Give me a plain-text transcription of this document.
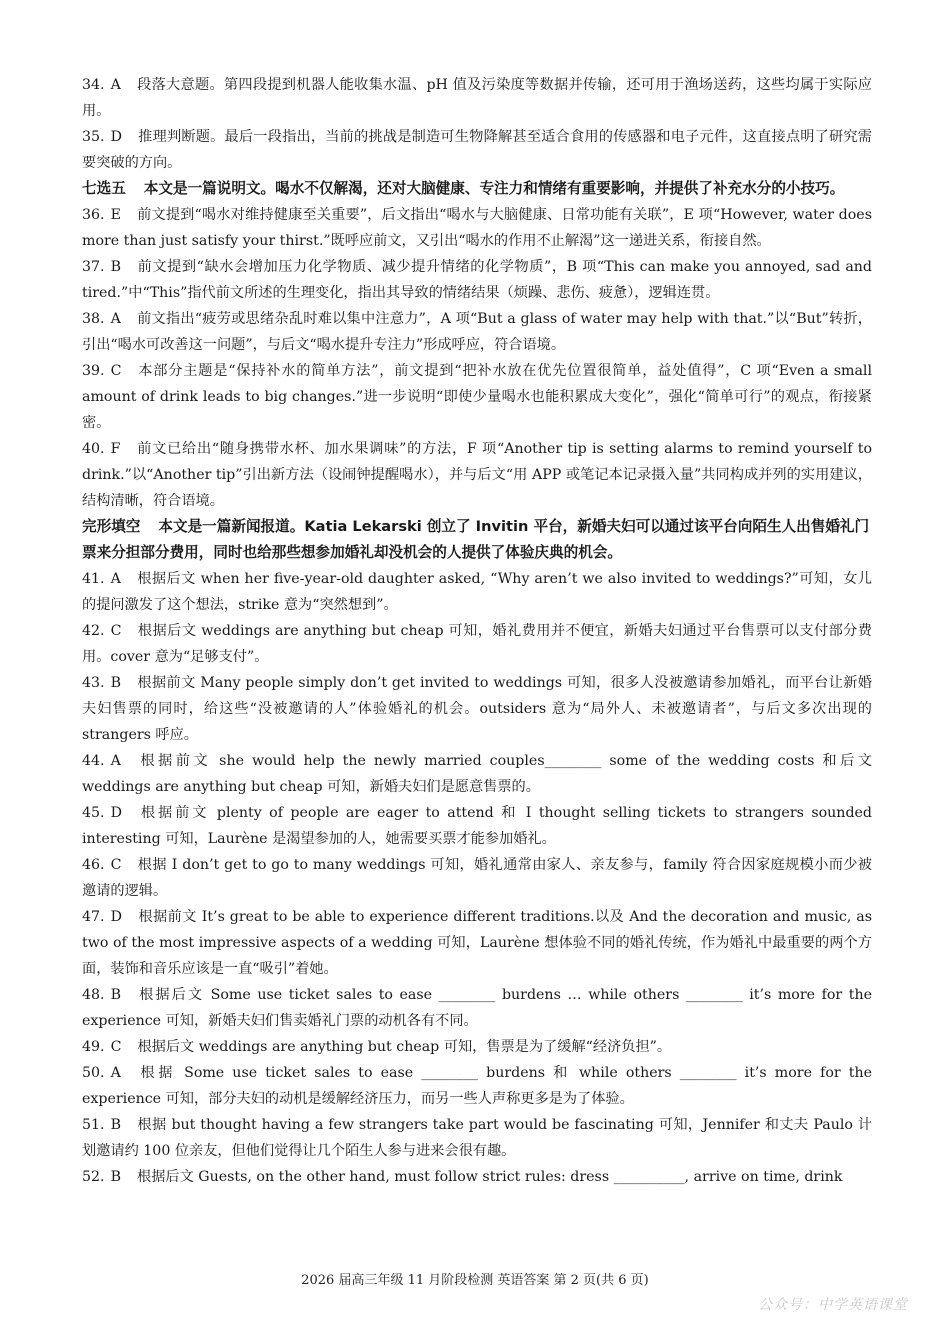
34. A 段落大意题。第四段提到机器人能收集水温、pH 值及污染度等数据并传输，还可用于渔场送药，这些均属于实际应用。

35. D 推理判断题。最后一段指出，当前的挑战是制造可生物降解甚至适合食用的传感器和电子元件，这直接点明了研究需要突破的方向。

七选五 本文是一篇说明文。喝水不仅解渴，还对大脑健康、专注力和情绪有重要影响，并提供了补充水分的小技巧。

36. E 前文提到“喝水对维持健康至关重要”，后文指出“喝水与大脑健康、日常功能有关联”，E 项“However, water does more than just satisfy your thirst.”既呼应前文，又引出“喝水的作用不止解渴”这一递进关系，衔接自然。

37. B 前文提到“缺水会增加压力化学物质、减少提升情绪的化学物质”，B 项“This can make you annoyed, sad and tired.”中“This”指代前文所述的生理变化，指出其导致的情绪结果（烦躁、悲伤、疲惫），逻辑连贯。

38. A 前文指出“疲劳或思绪杂乱时难以集中注意力”，A 项“But a glass of water may help with that.”以“But”转折，引出“喝水可改善这一问题”，与后文“喝水提升专注力”形成呼应，符合语境。

39. C 本部分主题是“保持补水的简单方法”，前文提到“把补水放在优先位置很简单，益处值得”，C 项“Even a small amount of drink leads to big changes.”进一步说明“即使少量喝水也能积累成大变化”，强化“简单可行”的观点，衔接紧密。

40. F 前文已给出“随身携带水杯、加水果调味”的方法，F 项“Another tip is setting alarms to remind yourself to drink.”以“Another tip”引出新方法（设闹钟提醒喝水），并与后文“用 APP 或笔记本记录摄入量”共同构成并列的实用建议，结构清晰，符合语境。

完形填空 本文是一篇新闻报道。Katia Lekarski 创立了 Invitin 平台，新婚夫妇可以通过该平台向陌生人出售婚礼门票来分担部分费用，同时也给那些想参加婚礼却没机会的人提供了体验庆典的机会。

41. A 根据后文 when her five-year-old daughter asked, “Why aren’t we also invited to weddings?”可知，女儿的提问激发了这个想法，strike 意为“突然想到”。

42. C 根据后文 weddings are anything but cheap 可知，婚礼费用并不便宜，新婚夫妇通过平台售票可以支付部分费用。cover 意为“足够支付”。

43. B 根据前文 Many people simply don’t get invited to weddings 可知，很多人没被邀请参加婚礼，而平台让新婚夫妇售票的同时，给这些“没被邀请的人”体验婚礼的机会。outsiders 意为“局外人、未被邀请者”，与后文多次出现的 strangers 呼应。

44. A 根据前文 she would help the newly married couples________ some of the wedding costs 和后文 weddings are anything but cheap 可知，新婚夫妇们是愿意售票的。

45. D 根据前文 plenty of people are eager to attend 和 I thought selling tickets to strangers sounded interesting 可知，Laurène 是渴望参加的人，她需要买票才能参加婚礼。

46. C 根据 I don’t get to go to many weddings 可知，婚礼通常由家人、亲友参与，family 符合因家庭规模小而少被邀请的逻辑。

47. D 根据前文 It’s great to be able to experience different traditions.以及 And the decoration and music, as two of the most impressive aspects of a wedding 可知，Laurène 想体验不同的婚礼传统，作为婚礼中最重要的两个方面，装饰和音乐应该是一直“吸引”着她。

48. B 根据后文 Some use ticket sales to ease ________ burdens … while others ________ it’s more for the experience 可知，新婚夫妇们售卖婚礼门票的动机各有不同。

49. C 根据后文 weddings are anything but cheap 可知，售票是为了缓解“经济负担”。

50. A 根据 Some use ticket sales to ease ________ burdens 和 while others ________ it’s more for the experience 可知，部分夫妇的动机是缓解经济压力，而另一些人声称更多是为了体验。

51. B 根据 but thought having a few strangers take part would be fascinating 可知，Jennifer 和丈夫 Paulo 计划邀请约 100 位亲友，但他们觉得让几个陌生人参与进来会很有趣。

52. B 根据后文 Guests, on the other hand, must follow strict rules: dress __________, arrive on time, drink

2026 届高三年级 11 月阶段检测 英语答案 第 2 页(共 6 页)
公众号：中学英语课堂
